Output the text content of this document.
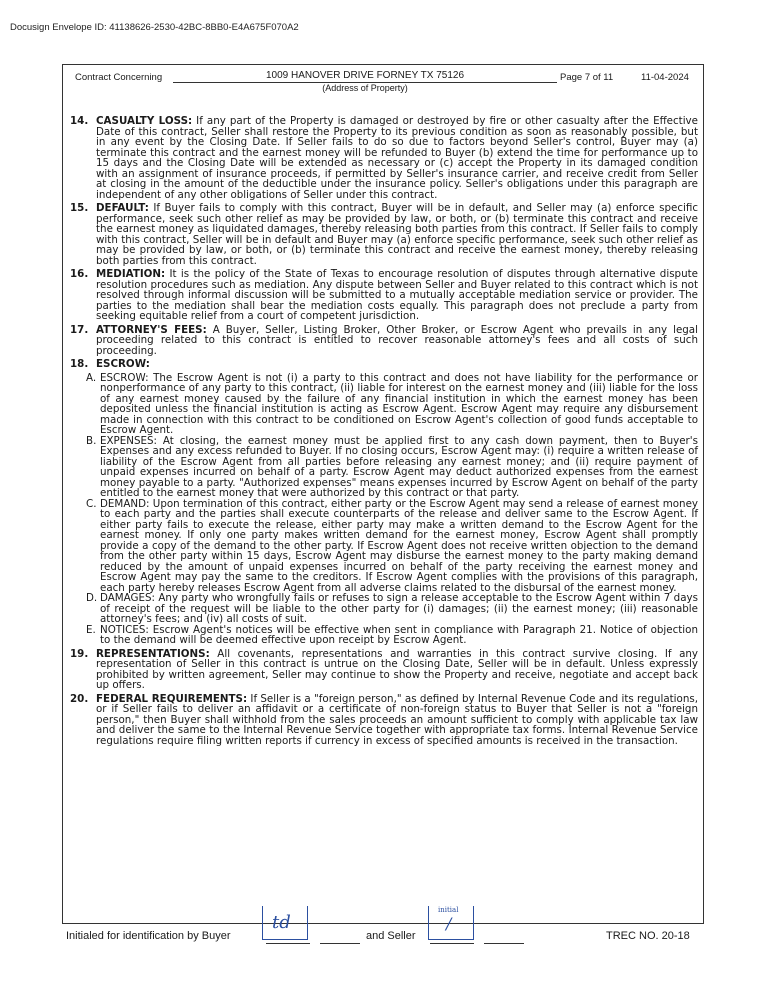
Docusign Envelope ID: 41138626-2530-42BC-8BB0-E4A675F070A2
Contract Concerning	1009 HANOVER DRIVE FORNEY TX 75126
(Address of Property)
Page 7 of 11	11-04-2024
14. CASUALTY LOSS: If any part of the Property is damaged or destroyed by fire or other casualty after the Effective Date of this contract, Seller shall restore the Property to its previous condition as soon as reasonably possible, but in any event by the Closing Date. If Seller fails to do so due to factors beyond Seller's control, Buyer may (a) terminate this contract and the earnest money will be refunded to Buyer (b) extend the time for performance up to 15 days and the Closing Date will be extended as necessary or (c) accept the Property in its damaged condition with an assignment of insurance proceeds, if permitted by Seller's insurance carrier, and receive credit from Seller at closing in the amount of the deductible under the insurance policy. Seller's obligations under this paragraph are independent of any other obligations of Seller under this contract.
15. DEFAULT: If Buyer fails to comply with this contract, Buyer will be in default, and Seller may (a) enforce specific performance, seek such other relief as may be provided by law, or both, or (b) terminate this contract and receive the earnest money as liquidated damages, thereby releasing both parties from this contract. If Seller fails to comply with this contract, Seller will be in default and Buyer may (a) enforce specific performance, seek such other relief as may be provided by law, or both, or (b) terminate this contract and receive the earnest money, thereby releasing both parties from this contract.
16. MEDIATION: It is the policy of the State of Texas to encourage resolution of disputes through alternative dispute resolution procedures such as mediation. Any dispute between Seller and Buyer related to this contract which is not resolved through informal discussion will be submitted to a mutually acceptable mediation service or provider. The parties to the mediation shall bear the mediation costs equally. This paragraph does not preclude a party from seeking equitable relief from a court of competent jurisdiction.
17. ATTORNEY'S FEES: A Buyer, Seller, Listing Broker, Other Broker, or Escrow Agent who prevails in any legal proceeding related to this contract is entitled to recover reasonable attorney's fees and all costs of such proceeding.
18. ESCROW:
A. ESCROW: The Escrow Agent is not (i) a party to this contract and does not have liability for the performance or nonperformance of any party to this contract, (ii) liable for interest on the earnest money and (iii) liable for the loss of any earnest money caused by the failure of any financial institution in which the earnest money has been deposited unless the financial institution is acting as Escrow Agent. Escrow Agent may require any disbursement made in connection with this contract to be conditioned on Escrow Agent's collection of good funds acceptable to Escrow Agent.
B. EXPENSES: At closing, the earnest money must be applied first to any cash down payment, then to Buyer's Expenses and any excess refunded to Buyer. If no closing occurs, Escrow Agent may: (i) require a written release of liability of the Escrow Agent from all parties before releasing any earnest money; and (ii) require payment of unpaid expenses incurred on behalf of a party. Escrow Agent may deduct authorized expenses from the earnest money payable to a party. "Authorized expenses" means expenses incurred by Escrow Agent on behalf of the party entitled to the earnest money that were authorized by this contract or that party.
C. DEMAND: Upon termination of this contract, either party or the Escrow Agent may send a release of earnest money to each party and the parties shall execute counterparts of the release and deliver same to the Escrow Agent. If either party fails to execute the release, either party may make a written demand to the Escrow Agent for the earnest money. If only one party makes written demand for the earnest money, Escrow Agent shall promptly provide a copy of the demand to the other party. If Escrow Agent does not receive written objection to the demand from the other party within 15 days, Escrow Agent may disburse the earnest money to the party making demand reduced by the amount of unpaid expenses incurred on behalf of the party receiving the earnest money and Escrow Agent may pay the same to the creditors. If Escrow Agent complies with the provisions of this paragraph, each party hereby releases Escrow Agent from all adverse claims related to the disbursal of the earnest money.
D. DAMAGES: Any party who wrongfully fails or refuses to sign a release acceptable to the Escrow Agent within 7 days of receipt of the request will be liable to the other party for (i) damages; (ii) the earnest money; (iii) reasonable attorney's fees; and (iv) all costs of suit.
E. NOTICES: Escrow Agent's notices will be effective when sent in compliance with Paragraph 21. Notice of objection to the demand will be deemed effective upon receipt by Escrow Agent.
19. REPRESENTATIONS: All covenants, representations and warranties in this contract survive closing. If any representation of Seller in this contract is untrue on the Closing Date, Seller will be in default. Unless expressly prohibited by written agreement, Seller may continue to show the Property and receive, negotiate and accept back up offers.
20. FEDERAL REQUIREMENTS: If Seller is a "foreign person," as defined by Internal Revenue Code and its regulations, or if Seller fails to deliver an affidavit or a certificate of non-foreign status to Buyer that Seller is not a "foreign person," then Buyer shall withhold from the sales proceeds an amount sufficient to comply with applicable tax law and deliver the same to the Internal Revenue Service together with appropriate tax forms. Internal Revenue Service regulations require filing written reports if currency in excess of specified amounts is received in the transaction.
Initialed for identification by Buyer	and Seller	TREC NO. 20-18
td
initial
/
